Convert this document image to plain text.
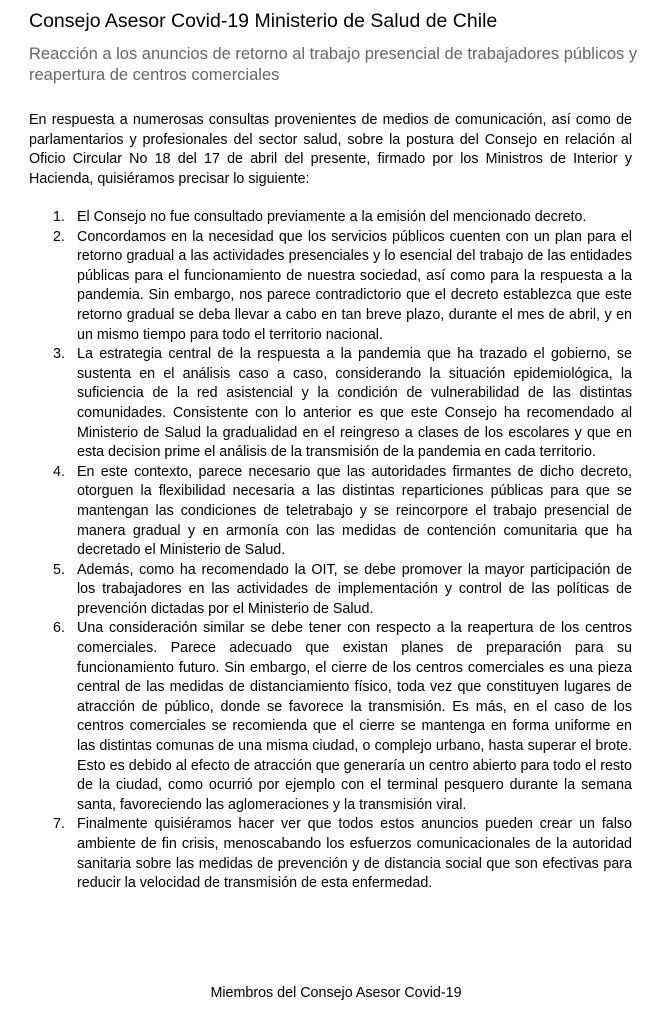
Consejo Asesor Covid-19 Ministerio de Salud de Chile

Reacción a los anuncios de retorno al trabajo presencial de trabajadores públicos y reapertura de centros comerciales

En respuesta a numerosas consultas provenientes de medios de comunicación, así como de parlamentarios y profesionales del sector salud, sobre la postura del Consejo en relación al Oficio Circular No 18 del 17 de abril del presente, firmado por los Ministros de Interior y Hacienda, quisiéramos precisar lo siguiente:

1. El Consejo no fue consultado previamente a la emisión del mencionado decreto.
2. Concordamos en la necesidad que los servicios públicos cuenten con un plan para el retorno gradual a las actividades presenciales y lo esencial del trabajo de las entidades públicas para el funcionamiento de nuestra sociedad, así como para la respuesta a la pandemia. Sin embargo, nos parece contradictorio que el decreto establezca que este retorno gradual se deba llevar a cabo en tan breve plazo, durante el mes de abril, y en un mismo tiempo para todo el territorio nacional.
3. La estrategia central de la respuesta a la pandemia que ha trazado el gobierno, se sustenta en el análisis caso a caso, considerando la situación epidemiológica, la suficiencia de la red asistencial y la condición de vulnerabilidad de las distintas comunidades. Consistente con lo anterior es que este Consejo ha recomendado al Ministerio de Salud la gradualidad en el reingreso a clases de los escolares y que en esta decision prime el análisis de la transmisión de la pandemia en cada territorio.
4. En este contexto, parece necesario que las autoridades firmantes de dicho decreto, otorguen la flexibilidad necesaria a las distintas reparticiones públicas para que se mantengan las condiciones de teletrabajo y se reincorpore el trabajo presencial de manera gradual y en armonía con las medidas de contención comunitaria que ha decretado el Ministerio de Salud.
5. Además, como ha recomendado la OIT, se debe promover la mayor participación de los trabajadores en las actividades de implementación y control de las políticas de prevención dictadas por el Ministerio de Salud.
6. Una consideración similar se debe tener con respecto a la reapertura de los centros comerciales. Parece adecuado que existan planes de preparación para su funcionamiento futuro. Sin embargo, el cierre de los centros comerciales es una pieza central de las medidas de distanciamiento físico, toda vez que constituyen lugares de atracción de público, donde se favorece la transmisión. Es más, en el caso de los centros comerciales se recomienda que el cierre se mantenga en forma uniforme en las distintas comunas de una misma ciudad, o complejo urbano, hasta superar el brote. Esto es debido al efecto de atracción que generaría un centro abierto para todo el resto de la ciudad, como ocurrió por ejemplo con el terminal pesquero durante la semana santa, favoreciendo las aglomeraciones y la transmisión viral.
7. Finalmente quisiéramos hacer ver que todos estos anuncios pueden crear un falso ambiente de fin crisis, menoscabando los esfuerzos comunicacionales de la autoridad sanitaria sobre las medidas de prevención y de distancia social que son efectivas para reducir la velocidad de transmisión de esta enfermedad.

Miembros del Consejo Asesor Covid-19
